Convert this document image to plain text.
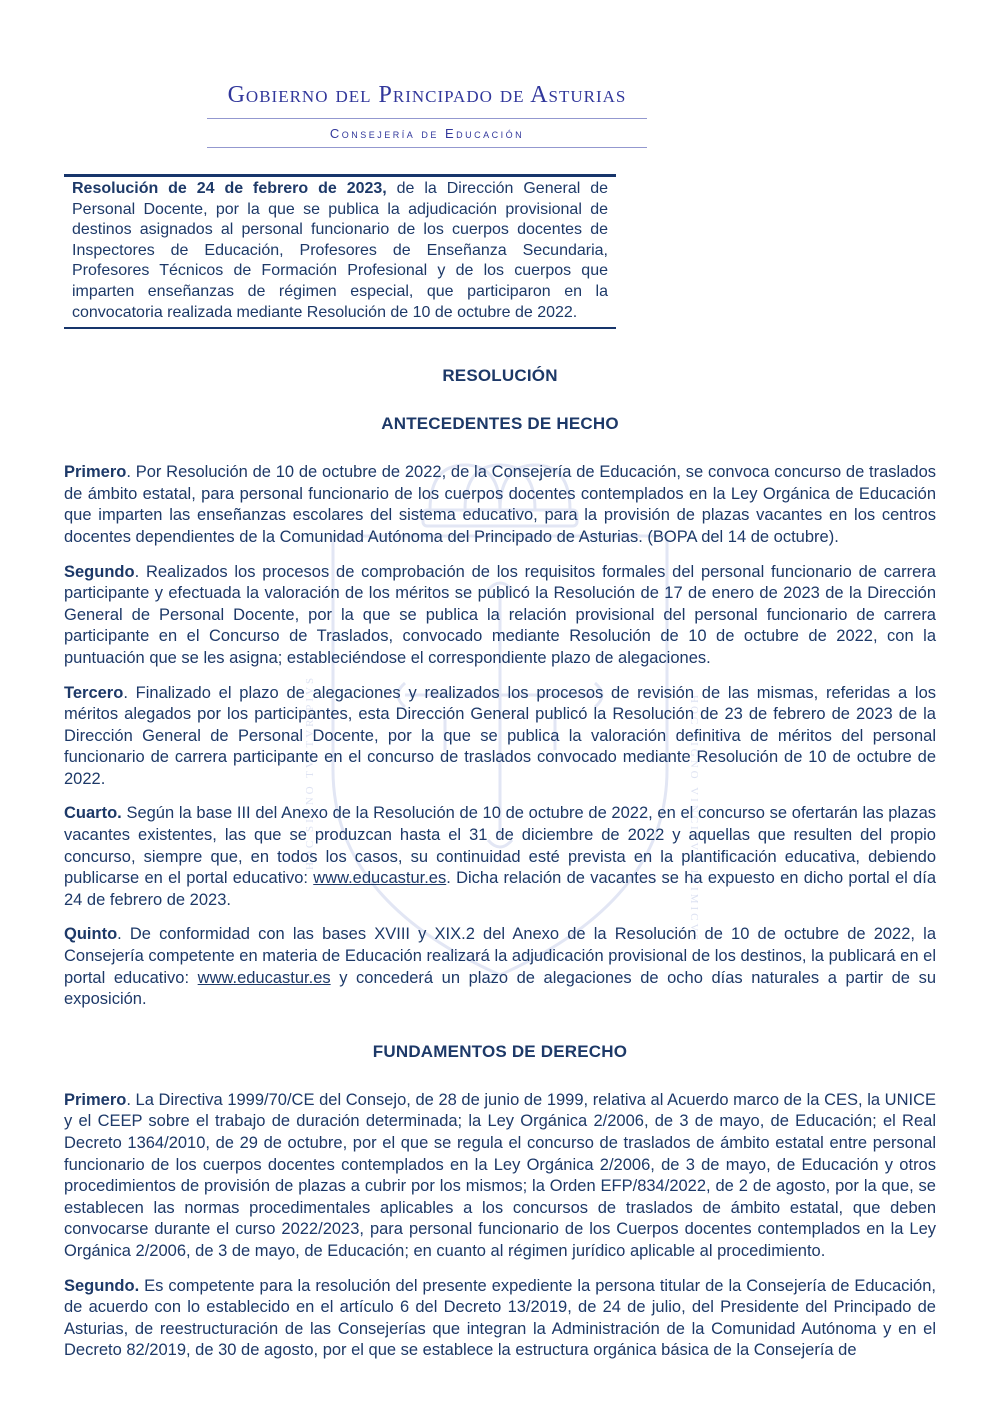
HOC SIGNO TVETVR PIVS	HOC SIGNO VINCITVR INIMICVS
Gobierno del Principado de Asturias
Consejería de Educación

Resolución de 24 de febrero de 2023, de la Dirección General de Personal Docente, por la que se publica la adjudicación provisional de destinos asignados al personal funcionario de los cuerpos docentes de Inspectores de Educación, Profesores de Enseñanza Secundaria, Profesores Técnicos de Formación Profesional y de los cuerpos que imparten enseñanzas de régimen especial, que participaron en la convocatoria realizada mediante Resolución de 10 de octubre de 2022.

RESOLUCIÓN
ANTECEDENTES DE HECHO

Primero. Por Resolución de 10 de octubre de 2022, de la Consejería de Educación, se convoca concurso de traslados de ámbito estatal, para personal funcionario de los cuerpos docentes contemplados en la Ley Orgánica de Educación que imparten las enseñanzas escolares del sistema educativo, para la provisión de plazas vacantes en los centros docentes dependientes de la Comunidad Autónoma del Principado de Asturias. (BOPA del 14 de octubre).

Segundo. Realizados los procesos de comprobación de los requisitos formales del personal funcionario de carrera participante y efectuada la valoración de los méritos se publicó la Resolución de 17 de enero de 2023 de la Dirección General de Personal Docente, por la que se publica la relación provisional del personal funcionario de carrera participante en el Concurso de Traslados, convocado mediante Resolución de 10 de octubre de 2022, con la puntuación que se les asigna; estableciéndose el correspondiente plazo de alegaciones.

Tercero. Finalizado el plazo de alegaciones y realizados los procesos de revisión de las mismas, referidas a los méritos alegados por los participantes, esta Dirección General publicó la Resolución de 23 de febrero de 2023 de la Dirección General de Personal Docente, por la que se publica la valoración definitiva de méritos del personal funcionario de carrera participante en el concurso de traslados convocado mediante Resolución de 10 de octubre de 2022.

Cuarto. Según la base III del Anexo de la Resolución de 10 de octubre de 2022, en el concurso se ofertarán las plazas vacantes existentes, las que se produzcan hasta el 31 de diciembre de 2022 y aquellas que resulten del propio concurso, siempre que, en todos los casos, su continuidad esté prevista en la plantificación educativa, debiendo publicarse en el portal educativo: www.educastur.es. Dicha relación de vacantes se ha expuesto en dicho portal el día 24 de febrero de 2023.

Quinto. De conformidad con las bases XVIII y XIX.2 del Anexo de la Resolución de 10 de octubre de 2022, la Consejería competente en materia de Educación realizará la adjudicación provisional de los destinos, la publicará en el portal educativo: www.educastur.es y concederá un plazo de alegaciones de ocho días naturales a partir de su exposición.

FUNDAMENTOS DE DERECHO

Primero. La Directiva 1999/70/CE del Consejo, de 28 de junio de 1999, relativa al Acuerdo marco de la CES, la UNICE y el CEEP sobre el trabajo de duración determinada; la Ley Orgánica 2/2006, de 3 de mayo, de Educación; el Real Decreto 1364/2010, de 29 de octubre, por el que se regula el concurso de traslados de ámbito estatal entre personal funcionario de los cuerpos docentes contemplados en la Ley Orgánica 2/2006, de 3 de mayo, de Educación y otros procedimientos de provisión de plazas a cubrir por los mismos; la Orden EFP/834/2022, de 2 de agosto, por la que, se establecen las normas procedimentales aplicables a los concursos de traslados de ámbito estatal, que deben convocarse durante el curso 2022/2023, para personal funcionario de los Cuerpos docentes contemplados en la Ley Orgánica 2/2006, de 3 de mayo, de Educación; en cuanto al régimen jurídico aplicable al procedimiento.

Segundo. Es competente para la resolución del presente expediente la persona titular de la Consejería de Educación, de acuerdo con lo establecido en el artículo 6 del Decreto 13/2019, de 24 de julio, del Presidente del Principado de Asturias, de reestructuración de las Consejerías que integran la Administración de la Comunidad Autónoma y en el Decreto 82/2019, de 30 de agosto, por el que se establece la estructura orgánica básica de la Consejería de
